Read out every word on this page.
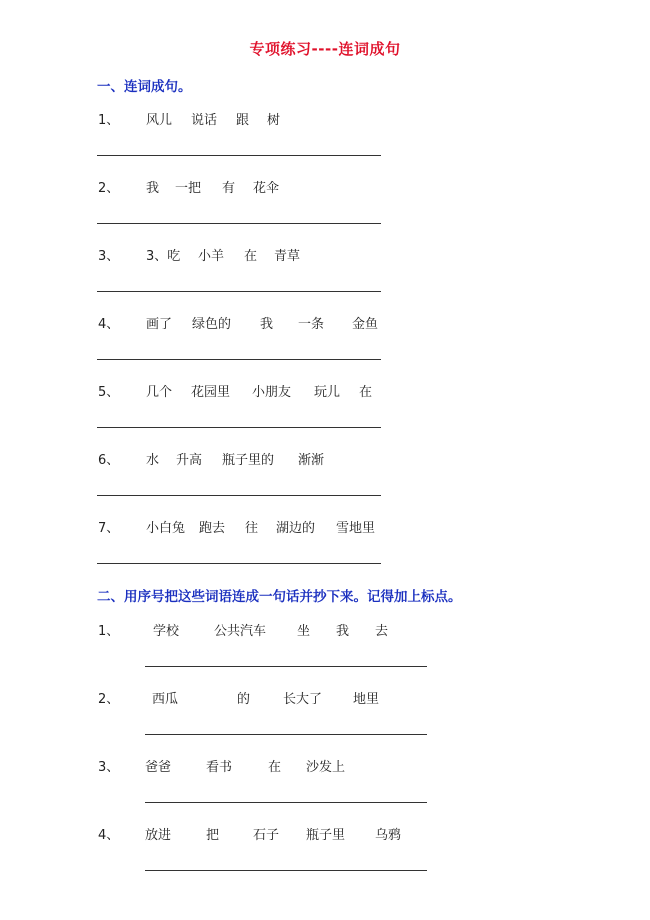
专项练习----连词成句
一、连词成句。
1、 风儿 说话 跟 树
2、 我 一把 有 花伞
3、 3、吃 小羊 在 青草
4、 画了 绿色的 我 一条 金鱼
5、 几个 花园里 小朋友 玩儿 在
6、 水 升高 瓶子里的 渐渐
7、 小白兔 跑去 往 湖边的 雪地里
二、用序号把这些词语连成一句话并抄下来。记得加上标点。
1、	学校	公共汽车 坐 我 去
2、	西瓜	的	长大了 地里
3、 爸爸	看书	在 沙发上
4、 放进	把	石子 瓶子里 乌鸦
